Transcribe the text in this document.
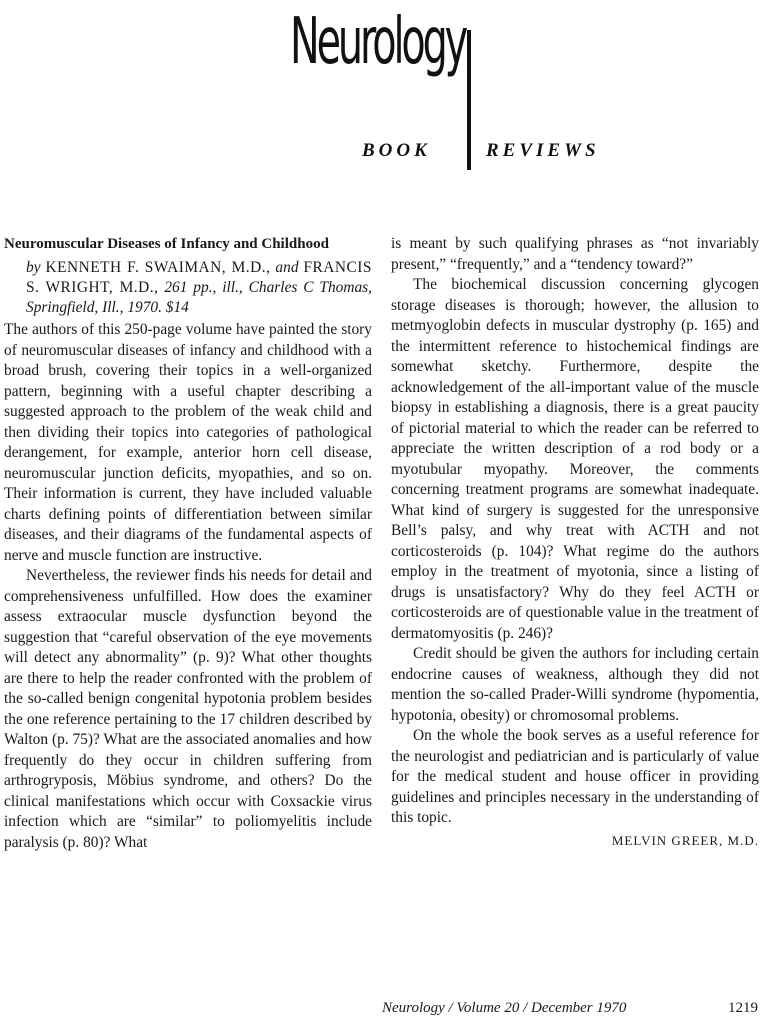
Neurology
BOOK	REVIEWS
Neuromuscular Diseases of Infancy and Childhood
by KENNETH F. SWAIMAN, M.D., and FRANCIS S. WRIGHT, M.D., 261 pp., ill., Charles C Thomas, Springfield, Ill., 1970. $14

The authors of this 250-page volume have painted the story of neuromuscular diseases of infancy and childhood with a broad brush, covering their topics in a well-organized pattern, beginning with a useful chapter describing a suggested approach to the problem of the weak child and then dividing their topics into categories of pathological derangement, for example, anterior horn cell disease, neuromuscular junction deficits, myopathies, and so on. Their information is current, they have included valuable charts defining points of differentiation between similar diseases, and their diagrams of the fundamental aspects of nerve and muscle function are instructive.

Nevertheless, the reviewer finds his needs for detail and comprehensiveness unfulfilled. How does the examiner assess extraocular muscle dysfunction beyond the suggestion that “careful observation of the eye movements will detect any abnormality” (p. 9)? What other thoughts are there to help the reader confronted with the problem of the so-called benign congenital hypotonia problem besides the one reference pertaining to the 17 children described by Walton (p. 75)? What are the associated anomalies and how frequently do they occur in children suffering from arthrogryposis, Möbius syndrome, and others? Do the clinical manifestations which occur with Coxsackie virus infection which are “similar” to poliomyelitis include paralysis (p. 80)? What

is meant by such qualifying phrases as “not invariably present,” “frequently,” and a “tendency toward?”

The biochemical discussion concerning glycogen storage diseases is thorough; however, the allusion to metmyoglobin defects in muscular dystrophy (p. 165) and the intermittent reference to histochemical findings are somewhat sketchy. Furthermore, despite the acknowledgement of the all-important value of the muscle biopsy in establishing a diagnosis, there is a great paucity of pictorial material to which the reader can be referred to appreciate the written description of a rod body or a myotubular myopathy. Moreover, the comments concerning treatment programs are somewhat inadequate. What kind of surgery is suggested for the unresponsive Bell’s palsy, and why treat with ACTH and not corticosteroids (p. 104)? What regime do the authors employ in the treatment of myotonia, since a listing of drugs is unsatisfactory? Why do they feel ACTH or corticosteroids are of questionable value in the treatment of dermatomyositis (p. 246)?

Credit should be given the authors for including certain endocrine causes of weakness, although they did not mention the so-called Prader-Willi syndrome (hypomentia, hypotonia, obesity) or chromosomal problems.

On the whole the book serves as a useful reference for the neurologist and pediatrician and is particularly of value for the medical student and house officer in providing guidelines and principles necessary in the understanding of this topic.

MELVIN GREER, M.D.
Neurology / Volume 20 / December 1970	1219
